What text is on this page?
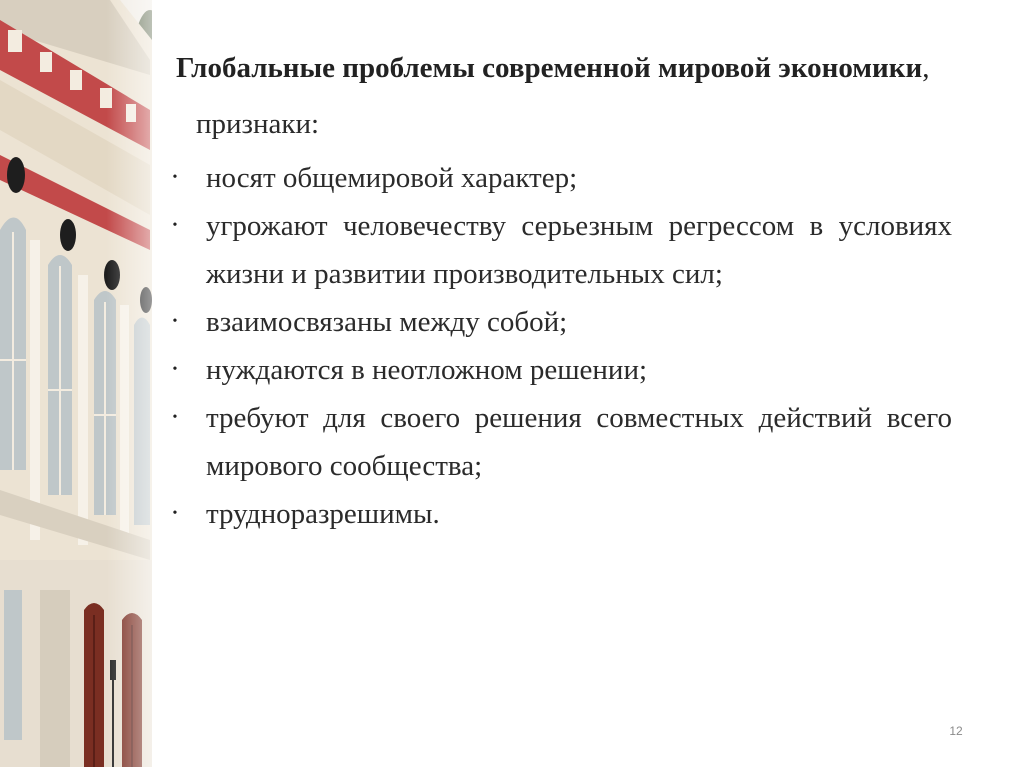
Глобальные проблемы современной мировой экономики,
признаки:
• носят общемировой характер;
• угрожают человечеству серьезным регрессом в условиях жизни и развитии производительных сил;
• взаимосвязаны между собой;
• нуждаются в неотложном решении;
• требуют для своего решения совместных действий всего мирового сообщества;
• трудноразрешимы.
12
